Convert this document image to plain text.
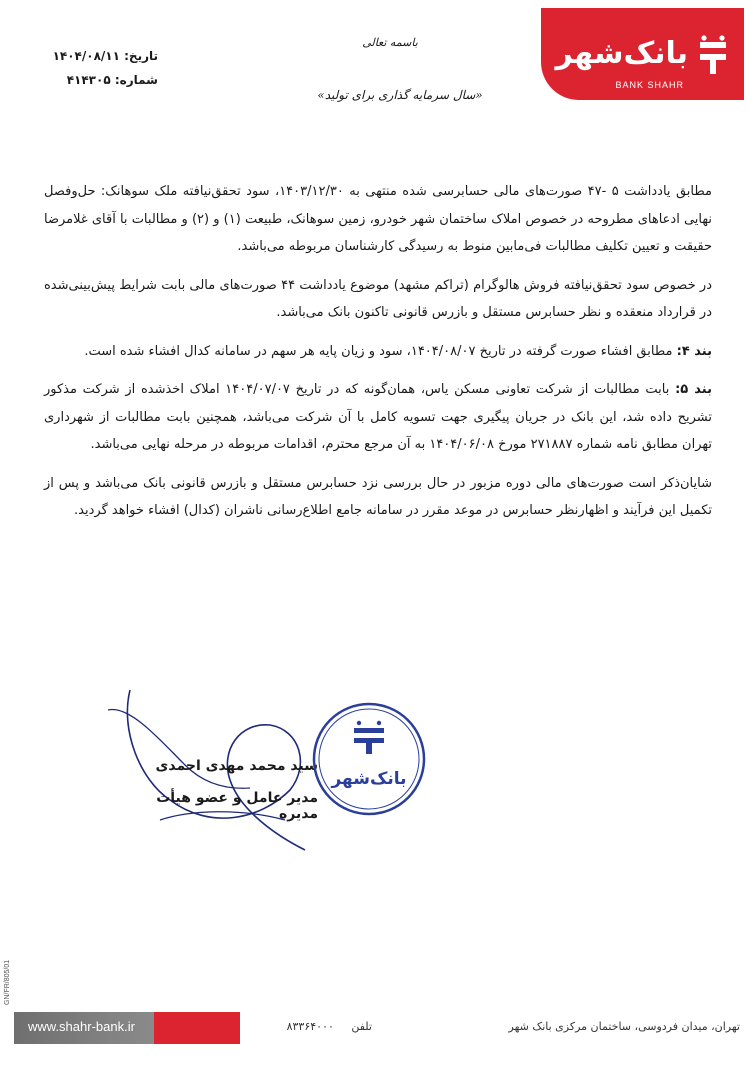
بانک‌شهر
BANK SHAHR
باسمه تعالی
«سال سرمایه گذاری برای تولید»
تاریخ: ۱۴۰۴/۰۸/۱۱
شماره: ۴۱۴۳۰۵

مطابق یادداشت ۵ -۴۷ صورت‌های مالی حسابرسی شده منتهی به ۱۴۰۳/۱۲/۳۰، سود تحقق‌نیافته ملک سوهانک: حل‌وفصل نهایی ادعاهای مطروحه در خصوص املاک ساختمان شهر خودرو، زمین سوهانک، طبیعت (۱) و (۲) و مطالبات با آقای غلامرضا حقیقت و تعیین تکلیف مطالبات فی‌مابین منوط به رسیدگی کارشناسان مربوطه می‌باشد.

در خصوص سود تحقق‌نیافته فروش هالوگرام (تراکم مشهد) موضوع یادداشت ۴۴ صورت‌های مالی بابت شرایط پیش‌بینی‌شده در قرارداد منعقده و نظر حسابرس مستقل و بازرس قانونی تاکنون بانک می‌باشد.

بند ۴: مطابق افشاء صورت گرفته در تاریخ ۱۴۰۴/۰۸/۰۷، سود و زیان پایه هر سهم در سامانه کدال افشاء شده است.

بند ۵: بابت مطالبات از شرکت تعاونی مسکن یاس، همان‌گونه که در تاریخ ۱۴۰۴/۰۷/۰۷ املاک اخذشده از شرکت مذکور تشریح داده شد، این بانک در جریان پیگیری جهت تسویه کامل با آن شرکت می‌باشد، همچنین بابت مطالبات از شهرداری تهران مطابق نامه شماره ۲۷۱۸۸۷ مورخ ۱۴۰۴/۰۶/۰۸ به آن مرجع محترم، اقدامات مربوطه در مرحله نهایی می‌باشد.

شایان‌ذکر است صورت‌های مالی دوره مزبور در حال بررسی نزد حسابرس مستقل و بازرس قانونی بانک می‌باشد و پس از تکمیل این فرآیند و اظهارنظر حسابرس در موعد مقرر در سامانه جامع اطلاع‌رسانی ناشران (کدال) افشاء خواهد گردید.

سید محمد مهدی احمدی
مدیر عامل و عضو هیأت مدیره
بانک‌شهر
GN/FR/805/01
www.shahr-bank.ir	تلفن     ۸۳۳۶۴۰۰۰	تهران، میدان فردوسی، ساختمان مرکزی بانک شهر
